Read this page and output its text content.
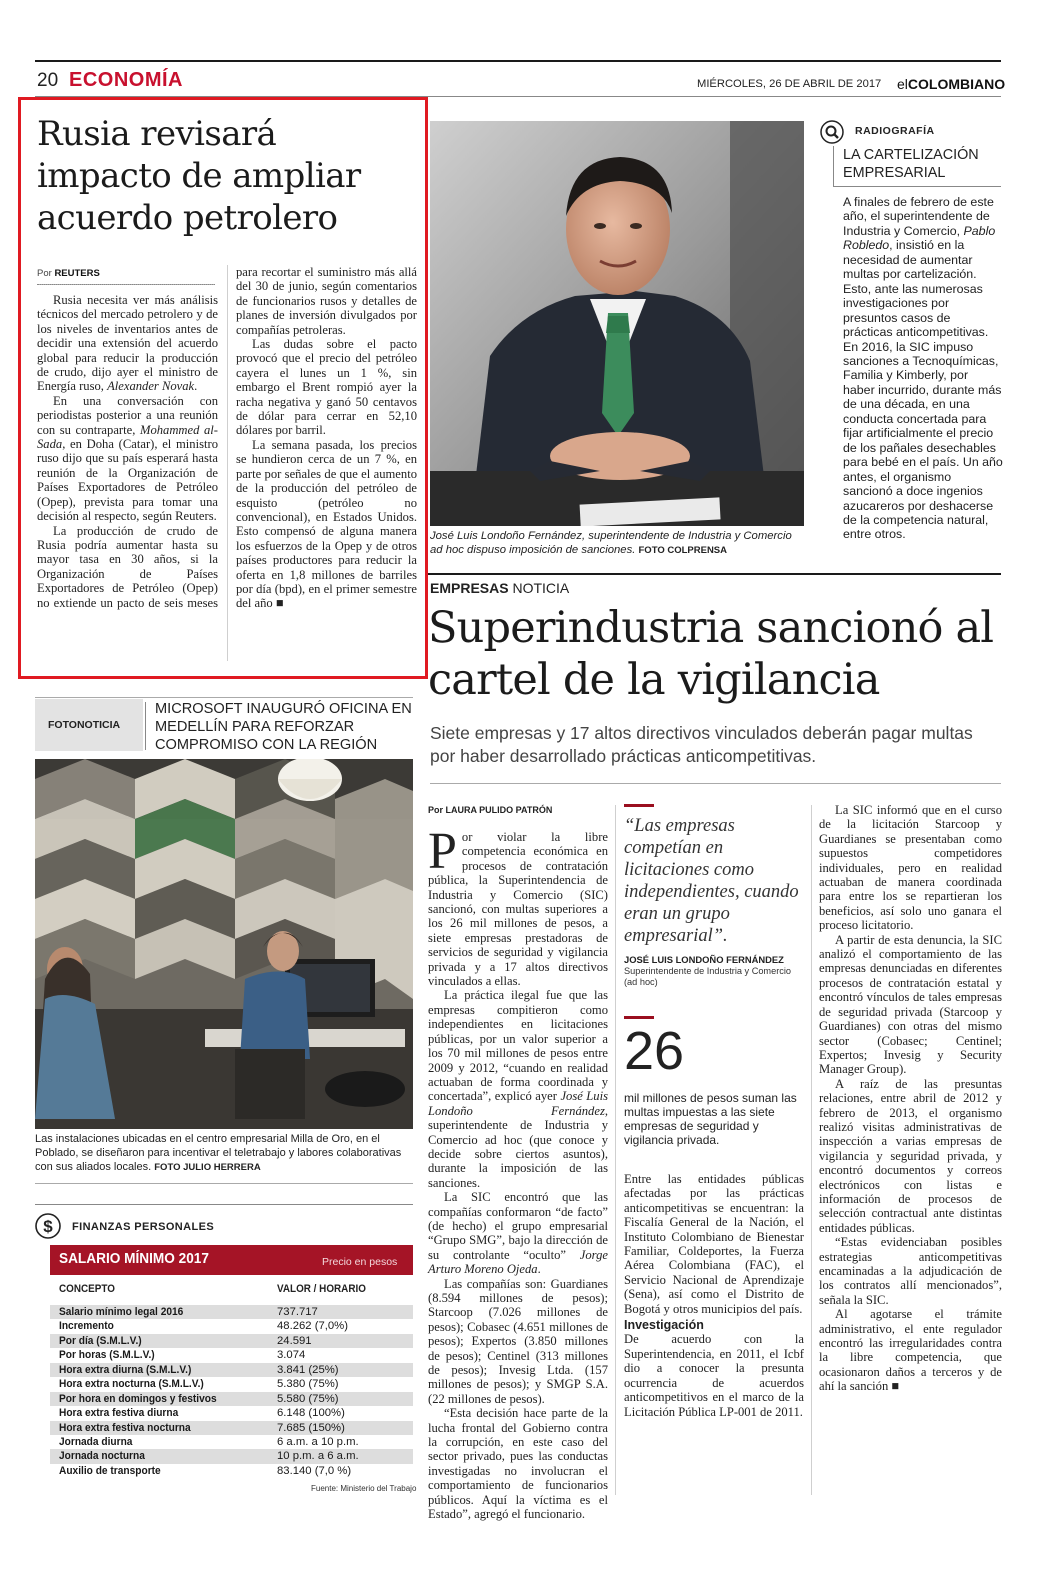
20 ECONOMÍA	MIÉRCOLES, 26 DE ABRIL DE 2017 elCOLOMBIANO
Rusia revisará impacto de ampliar acuerdo petrolero

Rusia necesita ver más análisis técnicos del mercado petrolero y de los niveles de inventarios antes de decidir una extensión del acuerdo global para reducir la producción de crudo, dijo ayer el ministro de Energía ruso, Alexander Novak.

En una conversación con periodistas posterior a una reunión con su contraparte, Mohammed al-Sada, en Doha (Catar), el ministro ruso dijo que su país esperará hasta reunión de la Organización de Países Exportadores de Petróleo (Opep), prevista para tomar una decisión al respecto, según Reuters.

La producción de crudo de Rusia podría aumentar hasta su mayor tasa en 30 años, si la Organización de Países Exportadores de Petróleo (Opep) no extiende un pacto de seis meses para recortar el suministro más allá del 30 de junio, según comentarios de funcionarios rusos y detalles de planes de inversión divulgados por compañías petroleras.

Las dudas sobre el pacto provocó que el precio del petróleo cayera el lunes un 1 %, sin embargo el Brent rompió ayer la racha negativa y ganó 50 centavos de dólar para cerrar en 52,10 dólares por barril.

La semana pasada, los precios se hundieron cerca de un 7 %, en parte por señales de que el aumento de la producción del petróleo de esquisto (petróleo no convencional), en Estados Unidos. Esto compensó de alguna manera los esfuerzos de la Opep y de otros países productores para reducir la oferta en 1,8 millones de barriles por día (bpd), en el primer semestre del año ■

Por REUTERS
José Luis Londoño Fernández, superintendente de Industria y Comercio ad hoc dispuso imposición de sanciones. FOTO COLPRENSA
RADIOGRAFÍA
LA CARTELIZACIÓN EMPRESARIAL
A finales de febrero de este año, el superintendente de Industria y Comercio, Pablo Robledo, insistió en la necesidad de aumentar multas por cartelización. Esto, ante las numerosas investigaciones por presuntos casos de prácticas anticompetitivas. En 2016, la SIC impuso sanciones a Tecnoquímicas, Familia y Kimberly, por haber incurrido, durante más de una década, en una conducta concertada para fijar artificialmente el precio de los pañales desechables para bebé en el país. Un año antes, el organismo sancionó a doce ingenios azucareros por deshacerse de la competencia natural, entre otros.
EMPRESAS NOTICIA
Superindustria sancionó al cartel de la vigilancia
Siete empresas y 17 altos directivos vinculados deberán pagar multas por haber desarrollado prácticas anticompetitivas.
Por LAURA PULIDO PATRÓN

Por violar la libre competencia económica en procesos de contratación pública, la Superintendencia de Industria y Comercio (SIC) sancionó, con multas superiores a los 26 mil millones de pesos, a siete empresas prestadoras de servicios de seguridad y vigilancia privada y a 17 altos directivos vinculados a ellas.

La práctica ilegal fue que las empresas compitieron como independientes en licitaciones públicas, por un valor superior a los 70 mil millones de pesos entre 2009 y 2012, “cuando en realidad actuaban de forma coordinada y concertada”, explicó ayer José Luis Londoño Fernández, superintendente de Industria y Comercio ad hoc (que conoce y decide sobre ciertos asuntos), durante la imposición de las sanciones.

La SIC encontró que las compañías conformaron “de facto” (de hecho) el grupo empresarial “Grupo SMG”, bajo la dirección de su controlante “oculto” Jorge Arturo Moreno Ojeda.

Las compañías son: Guardianes (8.594 millones de pesos); Starcoop (7.026 millones de pesos); Cobasec (4.651 millones de pesos); Expertos (3.850 millones de pesos); Centinel (313 millones de pesos); Invesig Ltda. (157 millones de pesos); y SMGP S.A. (22 millones de pesos).

“Esta decisión hace parte de la lucha frontal del Gobierno contra la corrupción, en este caso del sector privado, pues las conductas investigadas no involucran el comportamiento de funcionarios públicos. Aquí la víctima es el Estado”, agregó el funcionario.

“Las empresas competían en licitaciones como independientes, cuando eran un grupo empresarial”.
JOSÉ LUIS LONDOÑO FERNÁNDEZ
Superintendente de Industria y Comercio (ad hoc)
26
mil millones de pesos suman las multas impuestas a las siete empresas de seguridad y vigilancia privada.

Entre las entidades públicas afectadas por las prácticas anticompetitivas se encuentran: la Fiscalía General de la Nación, el Instituto Colombiano de Bienestar Familiar, Coldeportes, la Fuerza Aérea Colombiana (FAC), el Servicio Nacional de Aprendizaje (Sena), así como el Distrito de Bogotá y otros municipios del país.

Investigación

De acuerdo con la Superintendencia, en 2011, el Icbf dio a conocer la presunta ocurrencia de acuerdos anticompetitivos en el marco de la Licitación Pública LP-001 de 2011.

La SIC informó que en el curso de la licitación Starcoop y Guardianes se presentaban como supuestos competidores individuales, pero en realidad actuaban de manera coordinada para entre los se repartieran los beneficios, así solo uno ganara el proceso licitatorio.

A partir de esta denuncia, la SIC analizó el comportamiento de las empresas denunciadas en diferentes procesos de contratación estatal y encontró vínculos de tales empresas de seguridad privada (Starcoop y Guardianes) con otras del mismo sector (Cobasec; Centinel; Expertos; Invesig y Security Manager Group).

A raíz de las presuntas relaciones, entre abril de 2012 y febrero de 2013, el organismo realizó visitas administrativas de inspección a varias empresas de vigilancia y seguridad privada, y encontró documentos y correos electrónicos con listas e información de procesos de selección contractual ante distintas entidades públicas.

“Estas evidenciaban posibles estrategias anticompetitivas encaminadas a la adjudicación de los contratos allí mencionados”, señala la SIC.

Al agotarse el trámite administrativo, el ente regulador encontró las irregularidades contra la libre competencia, que ocasionaron daños a terceros y de ahí la sanción ■

FOTONOTICIA
MICROSOFT INAUGURÓ OFICINA EN MEDELLÍN PARA REFORZAR COMPROMISO CON LA REGIÓN
Las instalaciones ubicadas en el centro empresarial Milla de Oro, en el Poblado, se diseñaron para incentivar el teletrabajo y labores colaborativas con sus aliados locales. FOTO JULIO HERRERA
$ FINANZAS PERSONALES
SALARIO MÍNIMO 2017	Precio en pesos
CONCEPTO	VALOR / HORARIO
Salario mínimo legal 2016	737.717
Incremento	48.262 (7,0%)
Por día (S.M.L.V.)	24.591
Por horas (S.M.L.V.)	3.074
Hora extra diurna (S.M.L.V.)	3.841 (25%)
Hora extra nocturna (S.M.L.V.)	5.380 (75%)
Por hora en domingos y festivos	5.580 (75%)
Hora extra festiva diurna	6.148 (100%)
Hora extra festiva nocturna	7.685 (150%)
Jornada diurna	6 a.m. a 10 p.m.
Jornada nocturna	10 p.m. a 6 a.m.
Auxilio de transporte	83.140 (7,0 %)
Fuente: Ministerio del Trabajo
